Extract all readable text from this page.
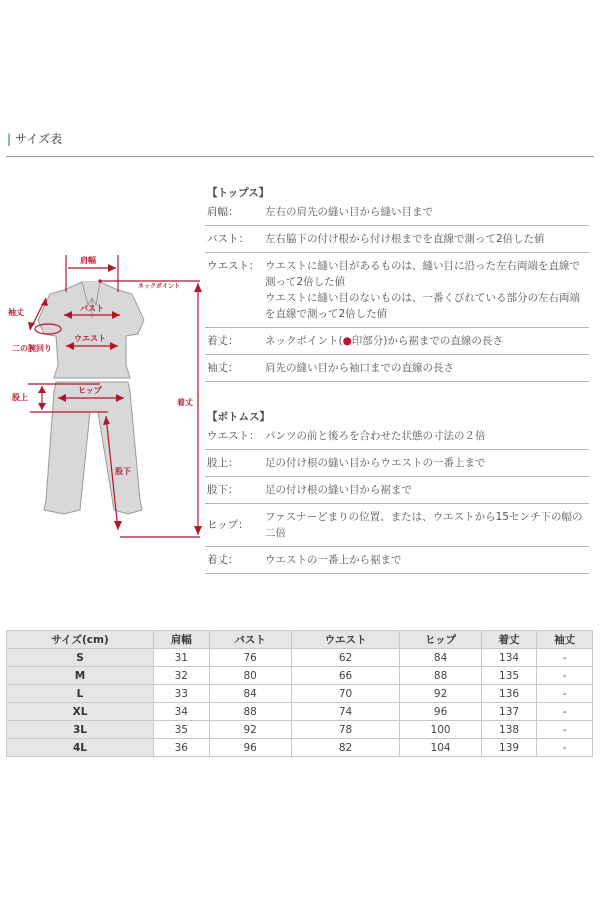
| サイズ表
肩幅
ネックポイント
袖丈	バスト
ウエスト
二の腕回り
股上
ヒップ
着丈
股下
【トップス】
肩幅：	左右の肩先の縫い目から縫い目まで
バスト：	左右脇下の付け根から付け根までを直線で測って2倍した値
ウエスト： ウエストに縫い目があるものは、縫い目に沿った左右両端を直線で測って2倍した値
ウエストに縫い目のないものは、一番くびれている部分の左右両端を直線で測って2倍した値
着丈：	ネックポイント(●印部分)から裾までの直線の長さ
袖丈：	肩先の縫い目から袖口までの直線の長さ
【ボトムス】
ウエスト： パンツの前と後ろを合わせた状態の寸法の２倍
股上：	足の付け根の縫い目からウエストの一番上まで
股下：	足の付け根の縫い目から裾まで
ヒップ：
ファスナーどまりの位置、または、ウエストから15センチ下の幅の二倍
着丈：	ウエストの一番上から裾まで
サイズ(cm)	肩幅	バスト	ウエスト	ヒップ	着丈	袖丈
S	31	76	62	84	134	-
M	32	80	66	88	135	-
L	33	84	70	92	136	-
XL	34	88	74	96	137	-
3L	35	92	78	100	138	-
4L	36	96	82	104	139	-
